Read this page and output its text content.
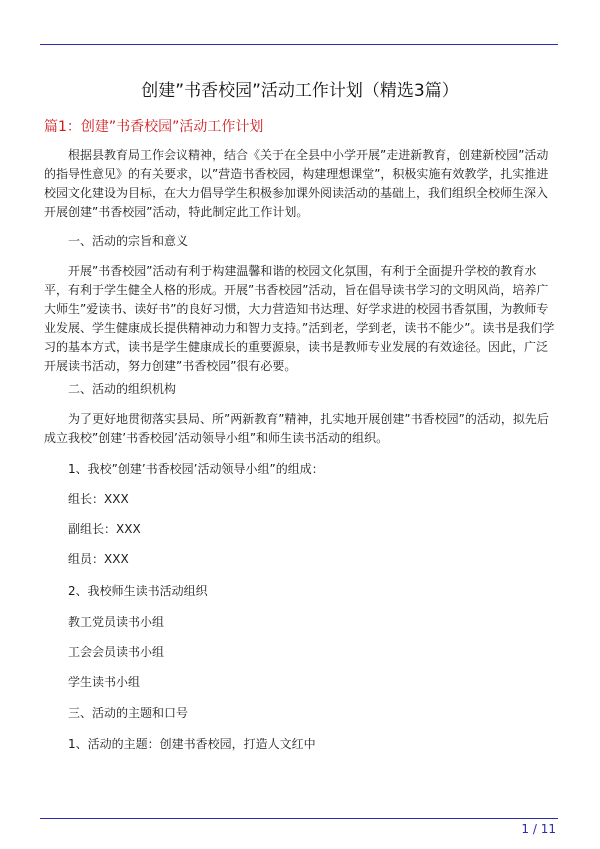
创建”书香校园”活动工作计划（精选3篇）
篇1：创建”书香校园”活动工作计划

　　根据县教育局工作会议精神，结合《关于在全县中小学开展”走进新教育，创建新校园”活动的指导性意见》的有关要求，以”营造书香校园，构建理想课堂”，积极实施有效教学，扎实推进校园文化建设为目标，在大力倡导学生积极参加课外阅读活动的基础上，我们组织全校师生深入开展创建”书香校园”活动，特此制定此工作计划。

　　一、活动的宗旨和意义

　　开展”书香校园”活动有利于构建温馨和谐的校园文化氛围，有利于全面提升学校的教育水平，有利于学生健全人格的形成。开展”书香校园”活动，旨在倡导读书学习的文明风尚，培养广大师生”爱读书、读好书”的良好习惯，大力营造知书达理、好学求进的校园书香氛围，为教师专业发展、学生健康成长提供精神动力和智力支持。”活到老，学到老，读书不能少”。读书是我们学习的基本方式，读书是学生健康成长的重要源泉，读书是教师专业发展的有效途径。因此，广泛开展读书活动，努力创建”书香校园”很有必要。

　　二、活动的组织机构

　　为了更好地贯彻落实县局、所”两新教育”精神，扎实地开展创建”书香校园”的活动，拟先后成立我校”创建’书香校园’活动领导小组”和师生读书活动的组织。

　　1、我校”创建’书香校园’活动领导小组”的组成：

　　组长：XXX

　　副组长：XXX

　　组员：XXX

　　2、我校师生读书活动组织

　　教工党员读书小组

　　工会会员读书小组

　　学生读书小组

　　三、活动的主题和口号

　　1、活动的主题：创建书香校园，打造人文红中

1 / 11
